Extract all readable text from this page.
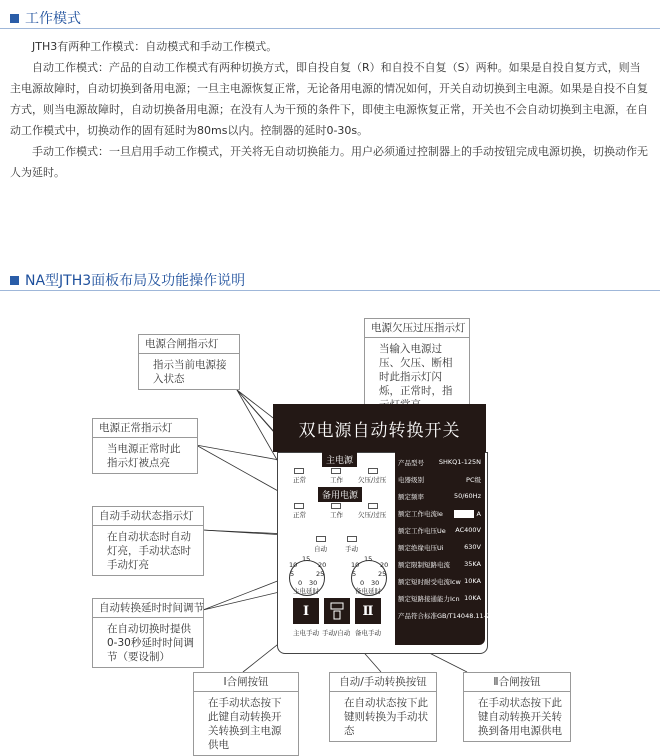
工作模式

JTH3有两种工作模式：自动模式和手动工作模式。

自动工作模式：产品的自动工作模式有两种切换方式，即自投自复（R）和自投不自复（S）两种。如果是自投自复方式，则当主电源故障时，自动切换到备用电源；一旦主电源恢复正常，无论备用电源的情况如何，开关自动切换到主电源。如果是自投不自复方式，则当电源故障时，自动切换备用电源；在没有人为干预的条件下，即使主电源恢复正常，开关也不会自动切换到主电源，在自动工作模式中，切换动作的固有延时为80ms以内。控制器的延时0-30s。

手动工作模式：一旦启用手动工作模式，开关将无自动切换能力。用户必须通过控制器上的手动按钮完成电源切换，切换动作无人为延时。

NA型JTH3面板布局及功能操作说明
电源合闸指示灯
指示当前电源接入状态
电源欠压过压指示灯
当输入电源过压、欠压、断相时此指示灯闪烁，正常时，指
电源正常指示灯
当电源正常时此指示灯被点亮
自动手动状态指示灯
在自动状态时自动灯亮，手动状态时手动灯亮
自动转换延时时间调节
在自动切换时提供0-30秒延时时间调节（要设制）
Ⅰ合闸按钮
在手动状态按下此键自动转换开关转换到主电源供电
自动/手动转换按钮
在自动状态按下此键则转换为手动状态
Ⅱ合闸按钮
在手动状态按下此键自动转换开关转换到备用电源供电
双电源自动转换开关
主电源
正常	工作 欠压/过压
备用电源
正常	工作 欠压/过压
自动	手动
15
10	20
5	25
0 30
主电延时
15
10	20
5	25
0 30
备电延时
Ⅰ	Ⅱ
主电手动 手动/自动 备电手动
产品型号 SHKQ1-125N
电器级别	PC级
额定频率	50/60Hz
额定工作电流Ie	A
额定工作电压Ue AC400V
额定绝缘电压Ui	630V
额定限制短路电流 35KA
额定短时耐受电流Icw 10KA
额定短路接通能力Icn 10KA
产品符合标准GB/T14048.11-2008
